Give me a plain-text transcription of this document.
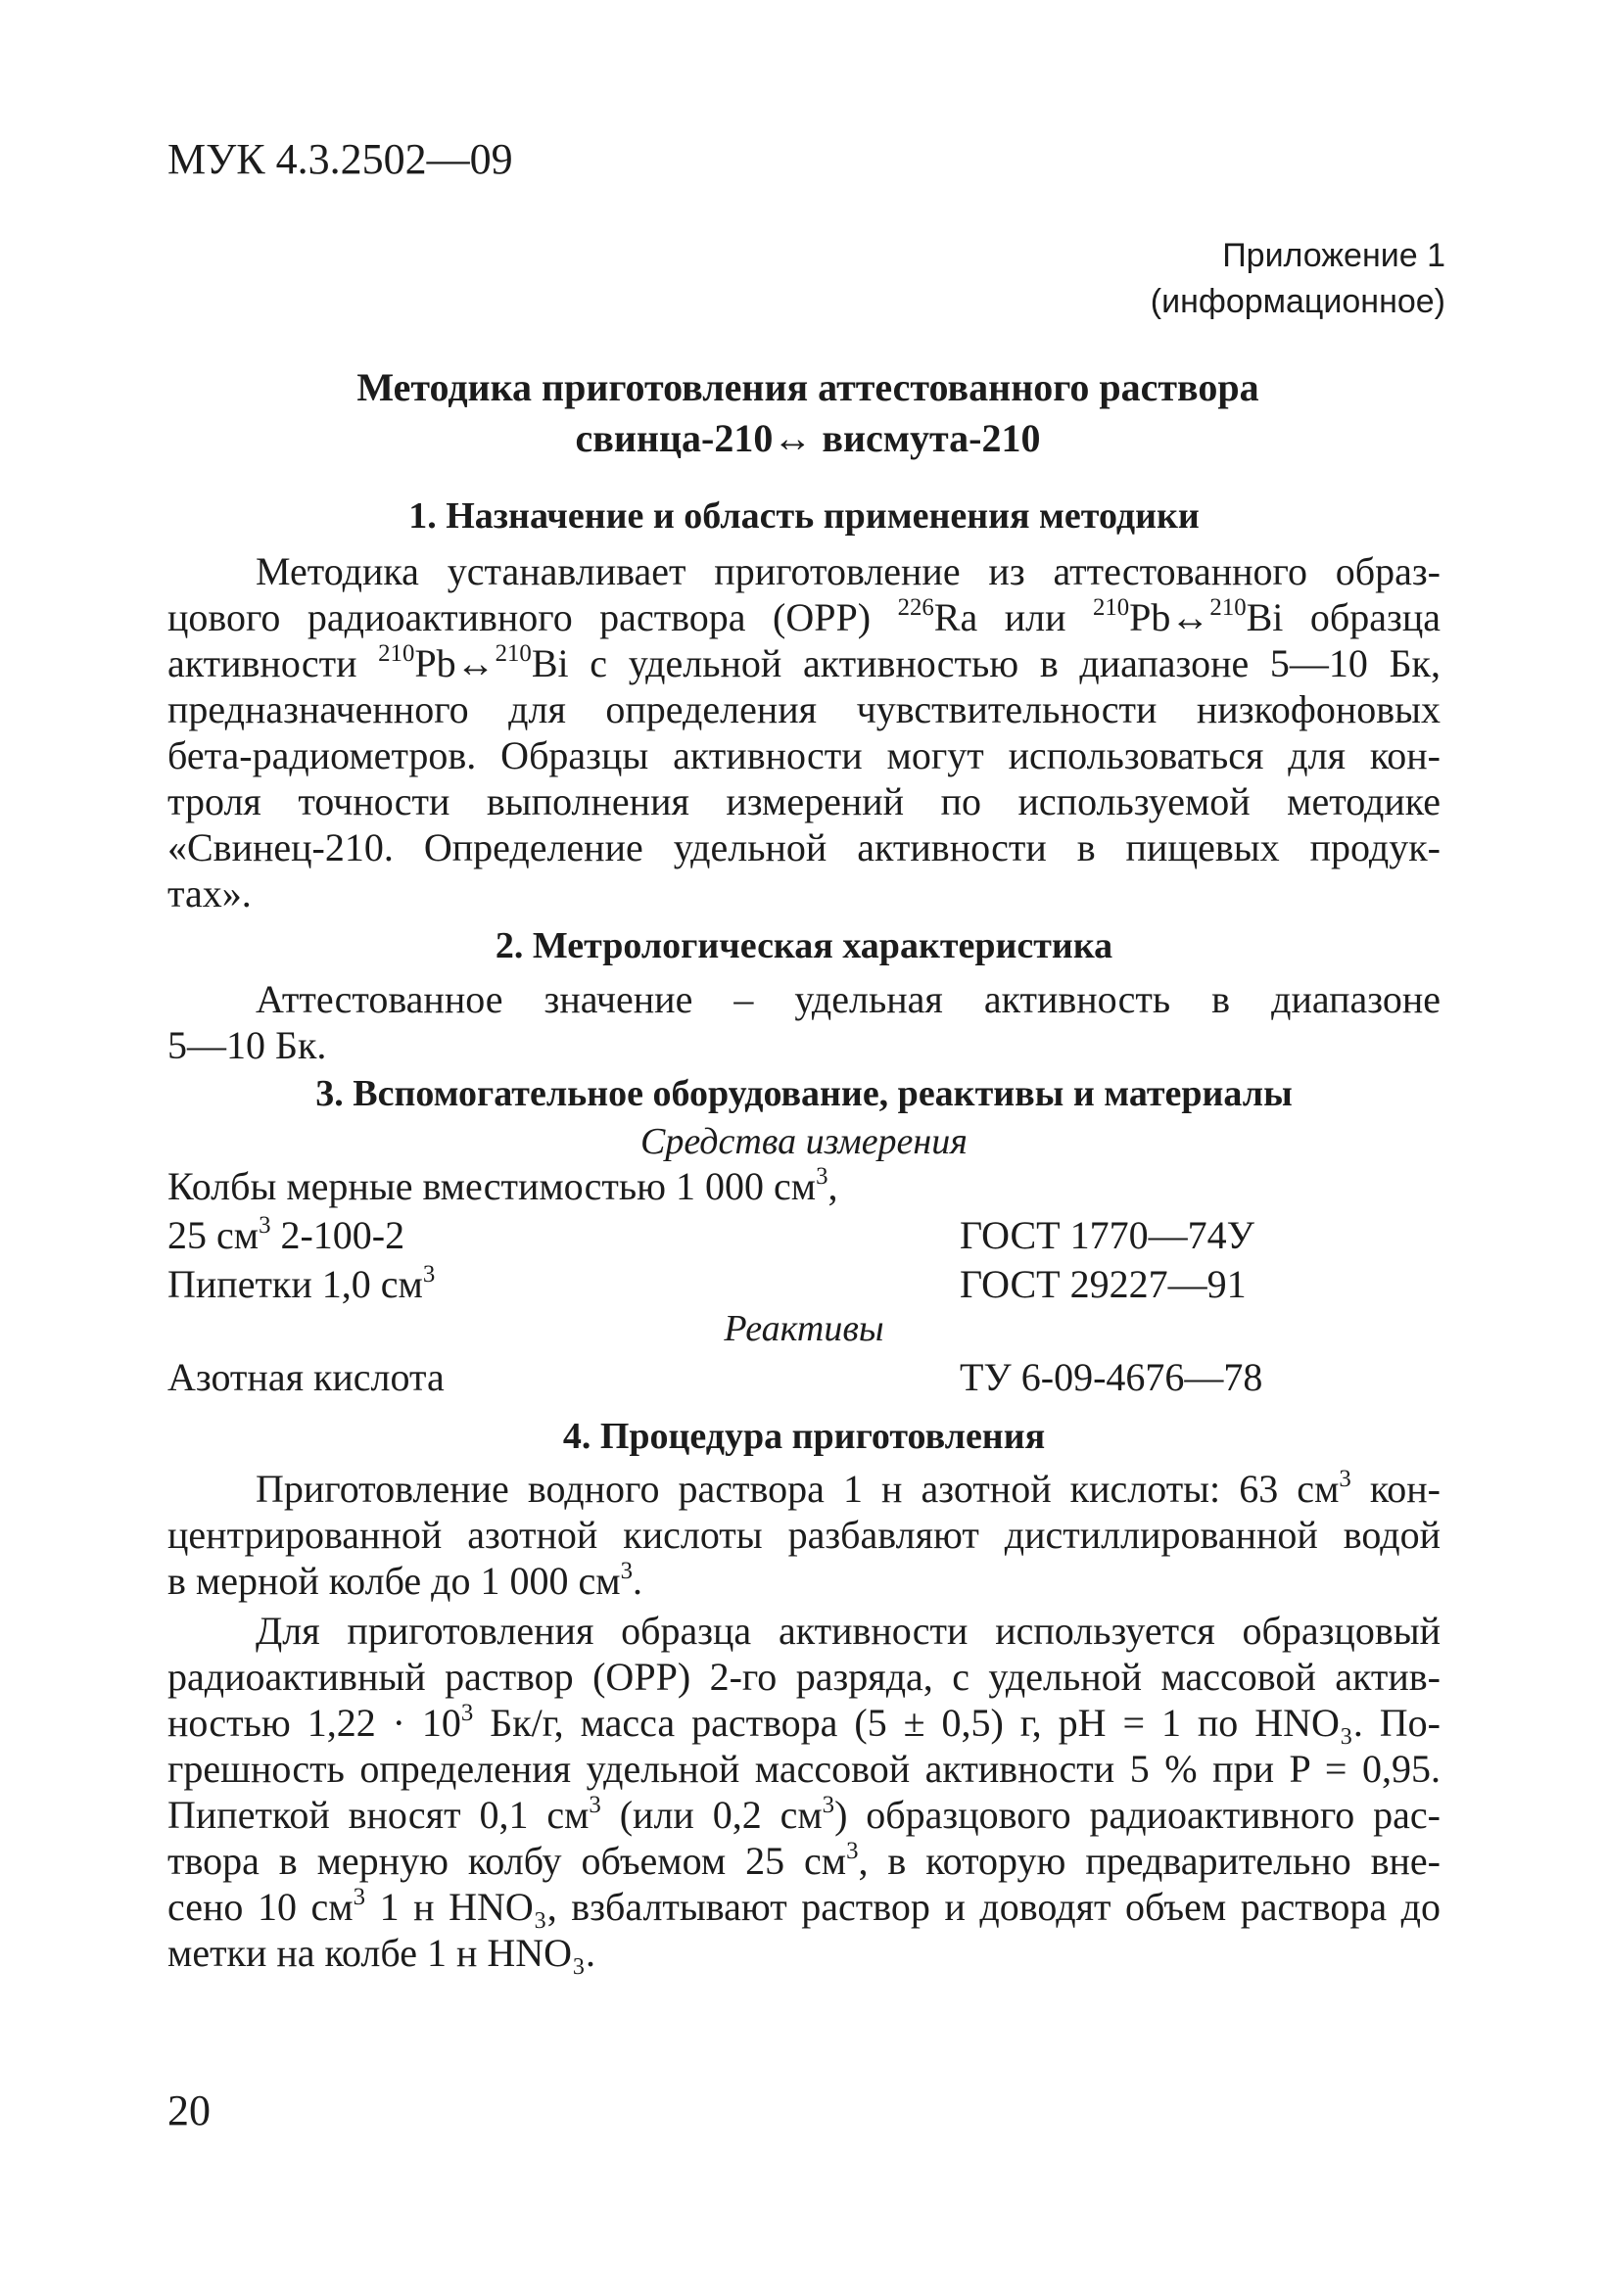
МУК 4.3.2502—09
Приложение 1
(информационное)
Методика приготовления аттестованного раствора
свинца-210↔ висмута-210
1. Назначение и область применения методики
Методика устанавливает приготовление из аттестованного образ-
цового радиоактивного раствора (ОРР) $^{226}$Ra или $^{210}$Pb↔$^{210}$Bi образца
активности $^{210}$Pb↔$^{210}$Bi с удельной активностью в диапазоне 5—10 Бк,
предназначенного для определения чувствительности низкофоновых
бета-радиометров. Образцы активности могут использоваться для кон-
троля точности выполнения измерений по используемой методике
«Свинец-210. Определение удельной активности в пищевых продук-
тах».
2. Метрологическая характеристика
Аттестованное значение – удельная активность в диапазоне
5—10 Бк.
3. Вспомогательное оборудование, реактивы и материалы
Средства измерения
Колбы мерные вместимостью 1 000 $см^3$,
25 $см^3$ 2-100-2	ГОСТ 1770—74У
Пипетки 1,0 $см^3$	ГОСТ 29227—91
Реактивы
Азотная кислота	ТУ 6-09-4676—78
4. Процедура приготовления
Приготовление водного раствора 1 н азотной кислоты: 63 $см^3$ кон-
центрированной азотной кислоты разбавляют дистиллированной водой
в мерной колбе до 1 000 $см^3$.
Для приготовления образца активности используется образцовый
радиоактивный раствор (ОРР) 2-го разряда, с удельной массовой актив-
ностью $1,22 \cdot 10^3$ Бк/г, масса раствора (5 ± 0,5) г, pH = 1 по HNO₃. По-
грешность определения удельной массовой активности 5 % при P = 0,95.
Пипеткой вносят 0,1 $см^3$ (или 0,2 $см^3$) образцового радиоактивного рас-
твора в мерную колбу объемом 25 $см^3$, в которую предварительно вне-
сено 10 $см^3$ 1 н HNO₃, взбалтывают раствор и доводят объем раствора до
метки на колбе 1 н HNO₃.
20
